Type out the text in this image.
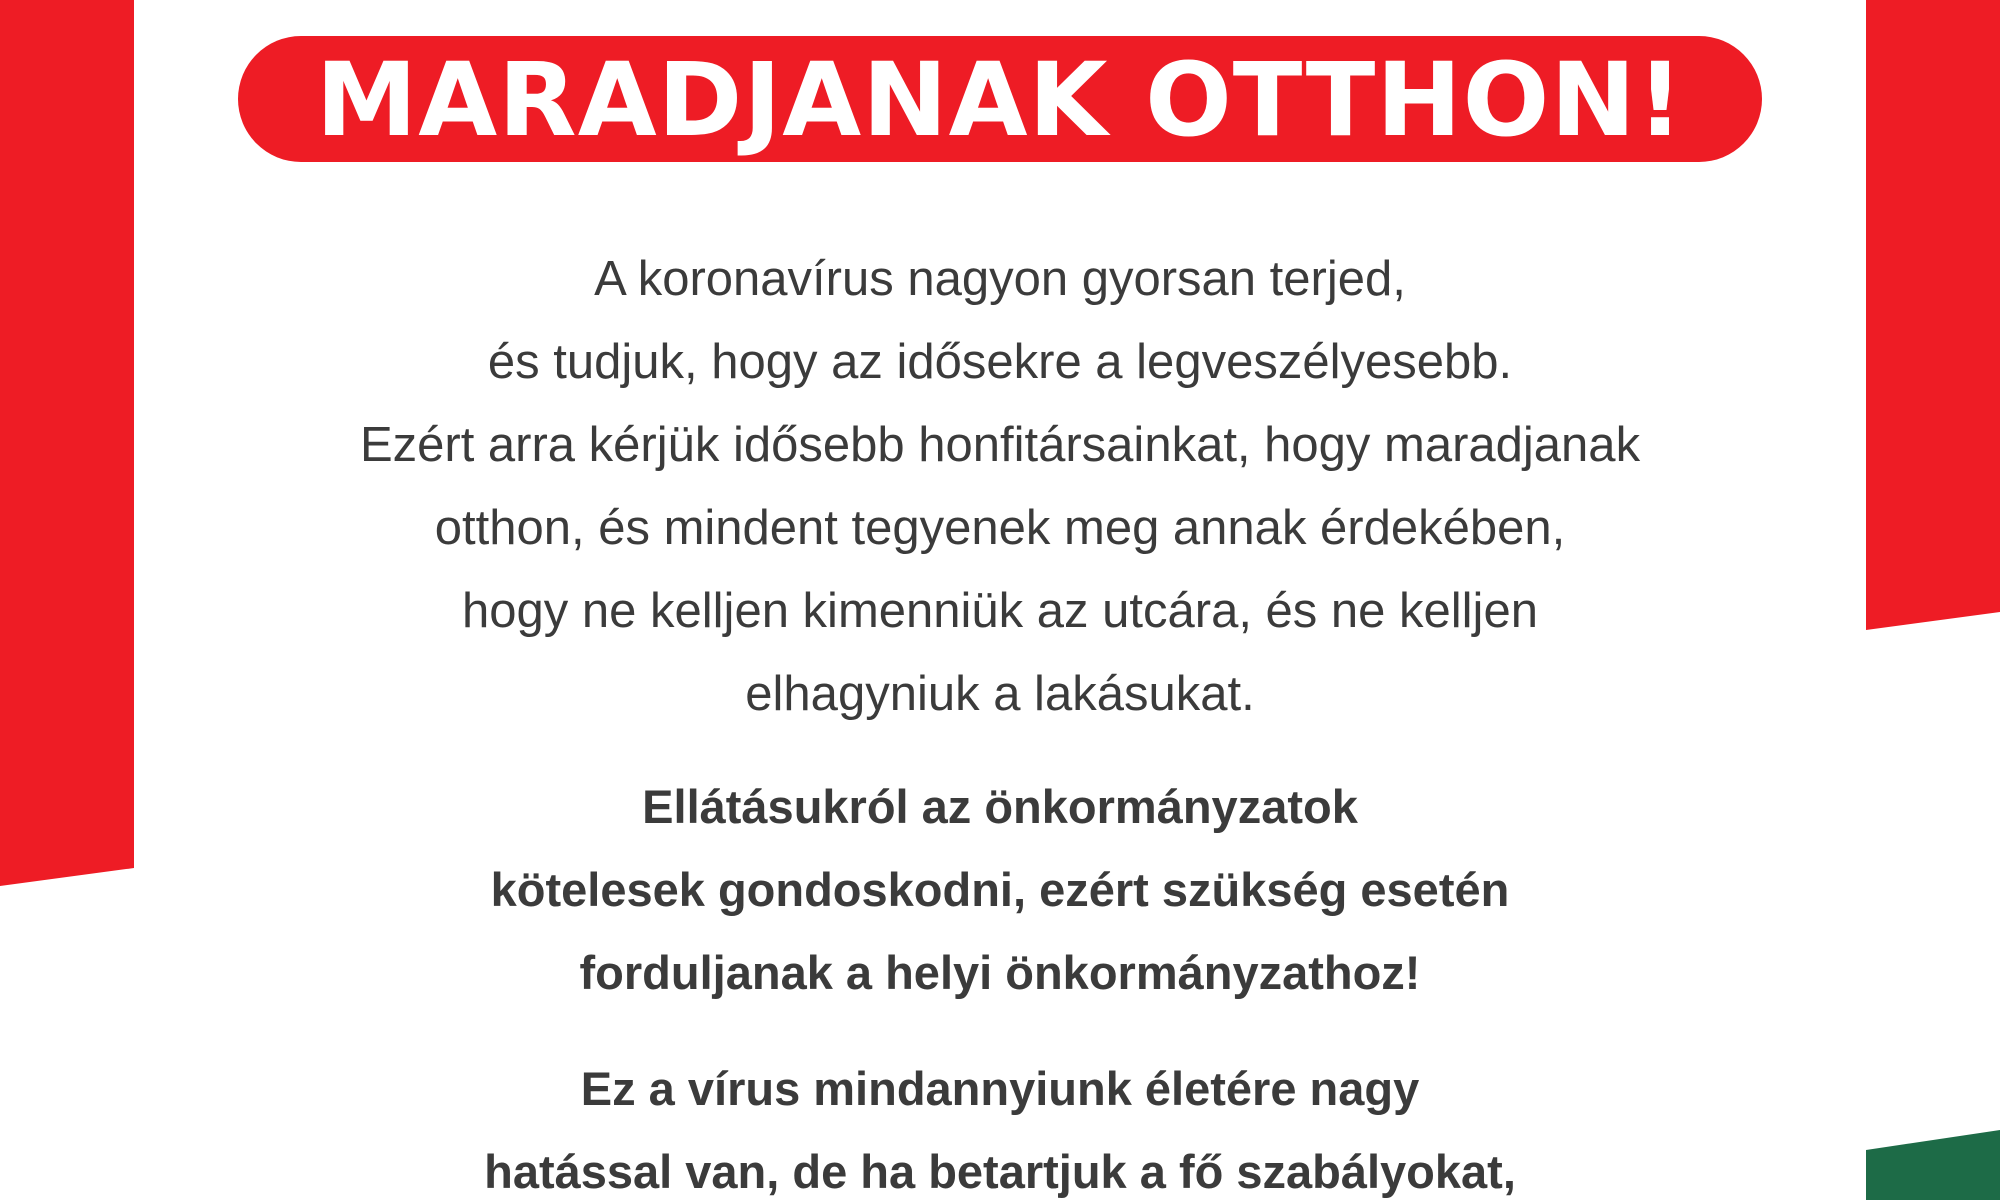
MARADJANAK OTTHON!
A koronavírus nagyon gyorsan terjed,
és tudjuk, hogy az idősekre a legveszélyesebb.
Ezért arra kérjük idősebb honfitársainkat, hogy maradjanak
otthon, és mindent tegyenek meg annak érdekében,
hogy ne kelljen kimenniük az utcára, és ne kelljen
elhagyniuk a lakásukat.
Ellátásukról az önkormányzatok
kötelesek gondoskodni, ezért szükség esetén
forduljanak a helyi önkormányzathoz!
Ez a vírus mindannyiunk életére nagy
hatással van, de ha betartjuk a fő szabályokat,
